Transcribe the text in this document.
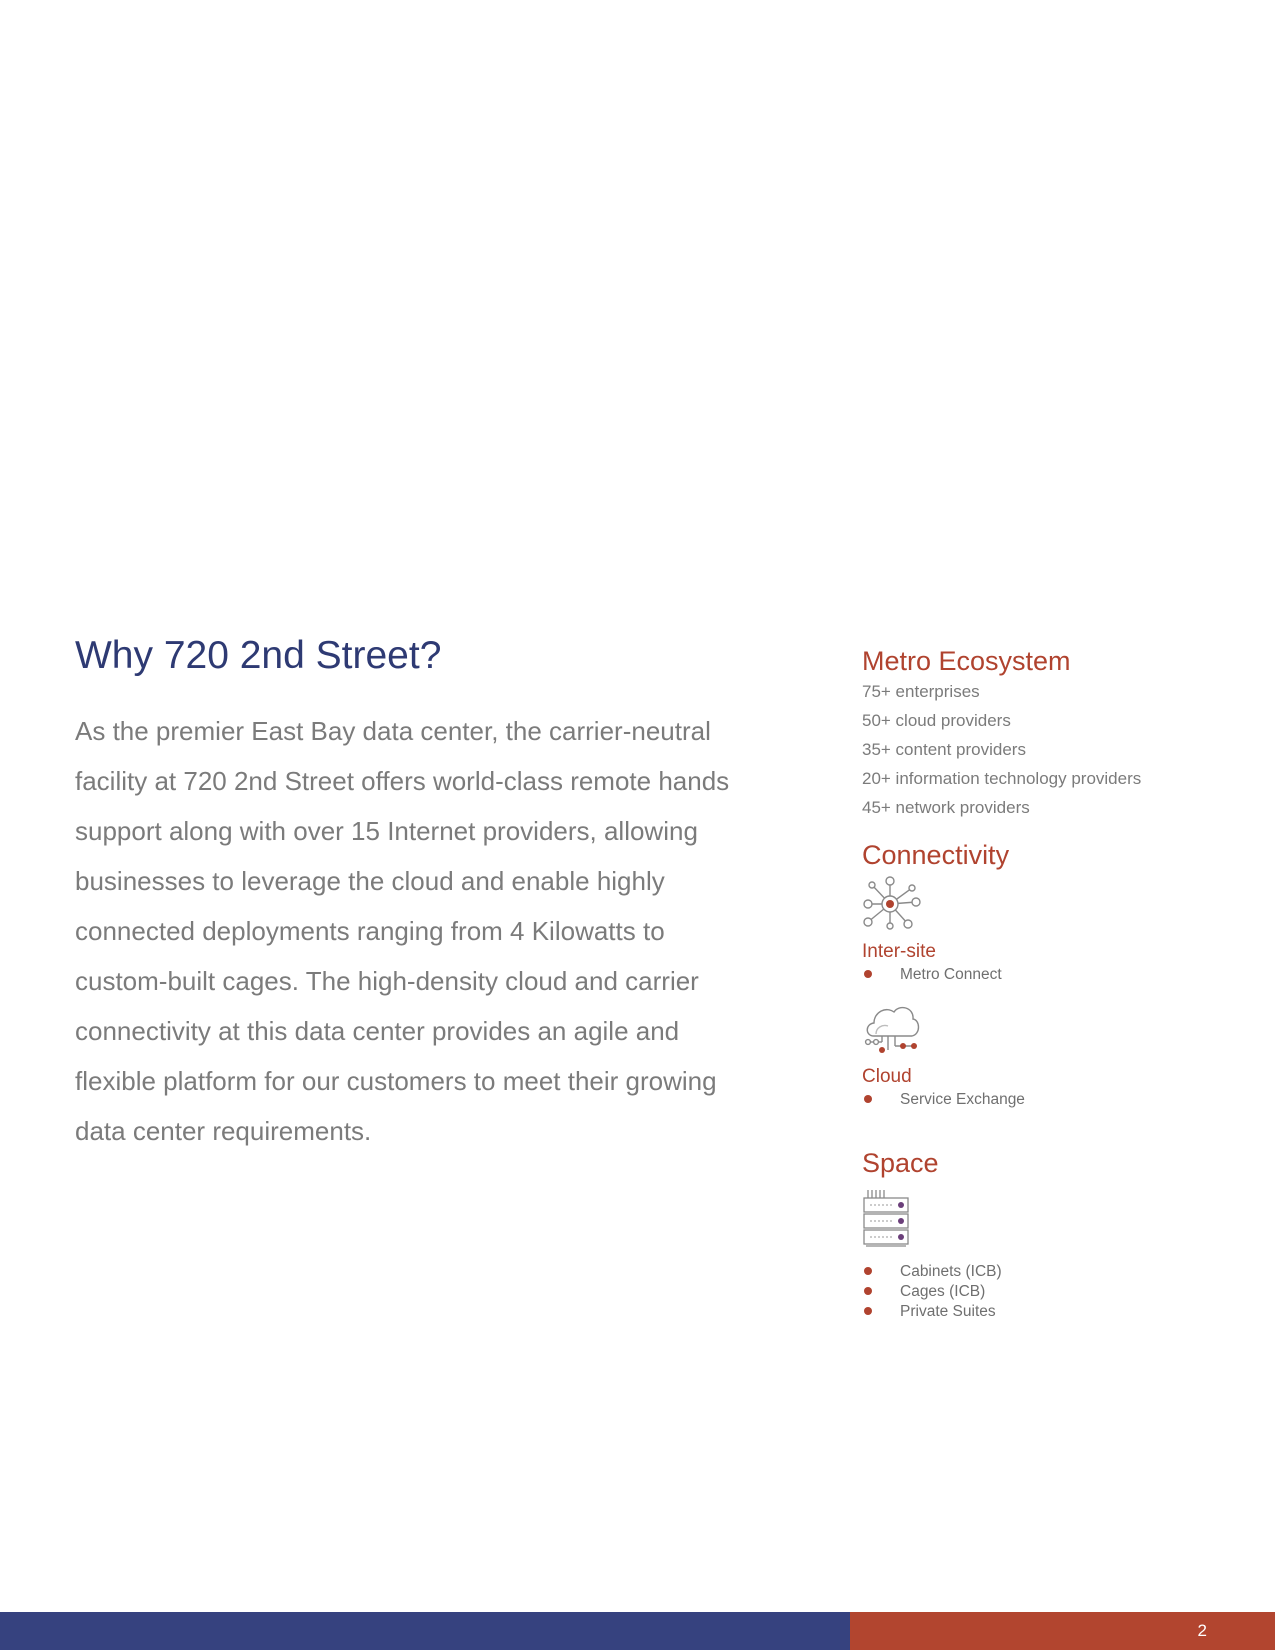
Why 720 2nd Street?

As the premier East Bay data center, the carrier-neutral facility at 720 2nd Street offers world-class remote hands support along with over 15 Internet providers, allowing businesses to leverage the cloud and enable highly connected deployments ranging from 4 Kilowatts to custom-built cages. The high-density cloud and carrier connectivity at this data center provides an agile and flexible platform for our customers to meet their growing data center requirements.

Metro Ecosystem
75+ enterprises
50+ cloud providers
35+ content providers
20+ information technology providers
45+ network providers
Connectivity
Inter-site
Metro Connect
Cloud
Service Exchange
Space
Cabinets (ICB)
Cages (ICB)
Private Suites
2
